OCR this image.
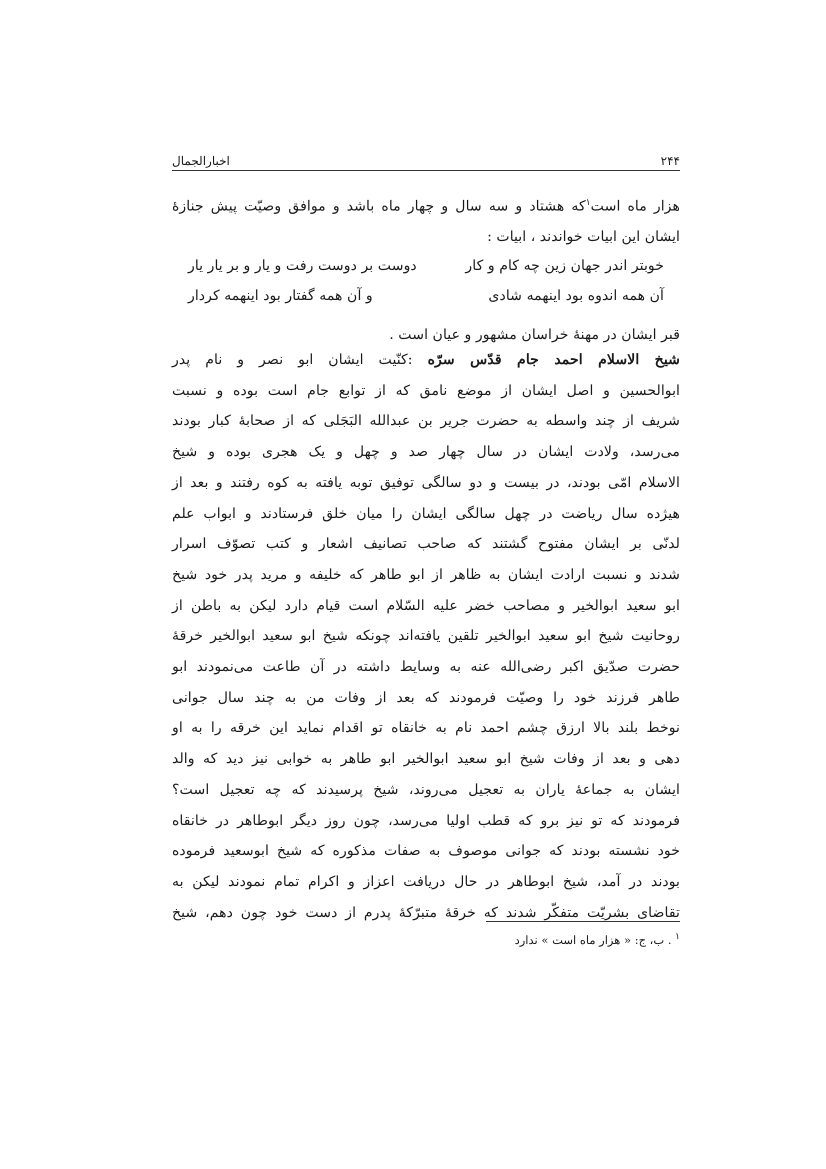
اخبارالجمال	۲۴۴
هزار ماه است$^۱$که هشتاد و سه سال و چهار ماه باشد و موافق وصیّت پیش جنازهٔ
ایشان این ابیات خواندند ، ابیات :
خوبتر اندر جهان زین چه کام و کار
دوست بر دوست رفت و یار و بر یار یار
آن همه اندوه بود اینهمه شادی
و آن همه گفتار بود اینهمه کردار
قبر ایشان در مهنهٔ خراسان مشهور و عیان است .
شیخ الاسلام احمد جام قدّس سرّه :کنّیت ایشان ابو نصر و نام پدر
ابوالحسین و اصل ایشان از موضع نامق که از توابع جام است بوده و نسبت
شریف از چند واسطه به حضرت جریر بن عبدالله البَجَلی که از صحابهٔ کبار بودند
می‌رسد، ولادت ایشان در سال چهار صد و چهل و یک هجری بوده و شیخ
الاسلام امّی بودند، در بیست و دو سالگی توفیق توبه یافته به کوه رفتند و بعد از
هیژده سال ریاضت در چهل سالگی ایشان را میان خلق فرستادند و ابواب علم
لدنّی بر ایشان مفتوح گشتند که صاحب تصانیف اشعار و کتب تصوّف اسرار
شدند و نسبت ارادت ایشان به ظاهر از ابو طاهر که خلیفه و مرید پدر خود شیخ
ابو سعید ابوالخیر و مصاحب خضر علیه السّلام است قیام دارد لیکن به باطن از
روحانیت شیخ ابو سعید ابوالخیر تلقین یافته‌اند چونکه شیخ ابو سعید ابوالخیر خرقهٔ
حضرت صدّیق اکبر رضی‌الله عنه به وسایط داشته در آن طاعت می‌نمودند ابو
طاهر فرزند خود را وصیّت فرمودند که بعد از وفات من به چند سال جوانی
نوخط بلند بالا ارزق چشم احمد نام به خانقاه تو اقدام نماید این خرقه را به او
دهی و بعد از وفات شیخ ابو سعید ابوالخیر ابو طاهر به خوابی نیز دید که والد
ایشان به جماعهٔ یاران به تعجیل می‌روند، شیخ پرسیدند که چه تعجیل است؟
فرمودند که تو نیز برو که قطب اولیا می‌رسد، چون روز دیگر ابوطاهر در خانقاه
خود نشسته بودند که جوانی موصوف به صفات مذکوره که شیخ ابوسعید فرموده
بودند در آمد، شیخ ابوطاهر در حال دریافت اعزاز و اکرام تمام نمودند لیکن به
تقاضای بشریّت متفکّر شدند که خرقهٔ متبرّکهٔ پدرم از دست خود چون دهم، شیخ
$^۱$ . ب، ج: « هزار ماه است » ندارد
